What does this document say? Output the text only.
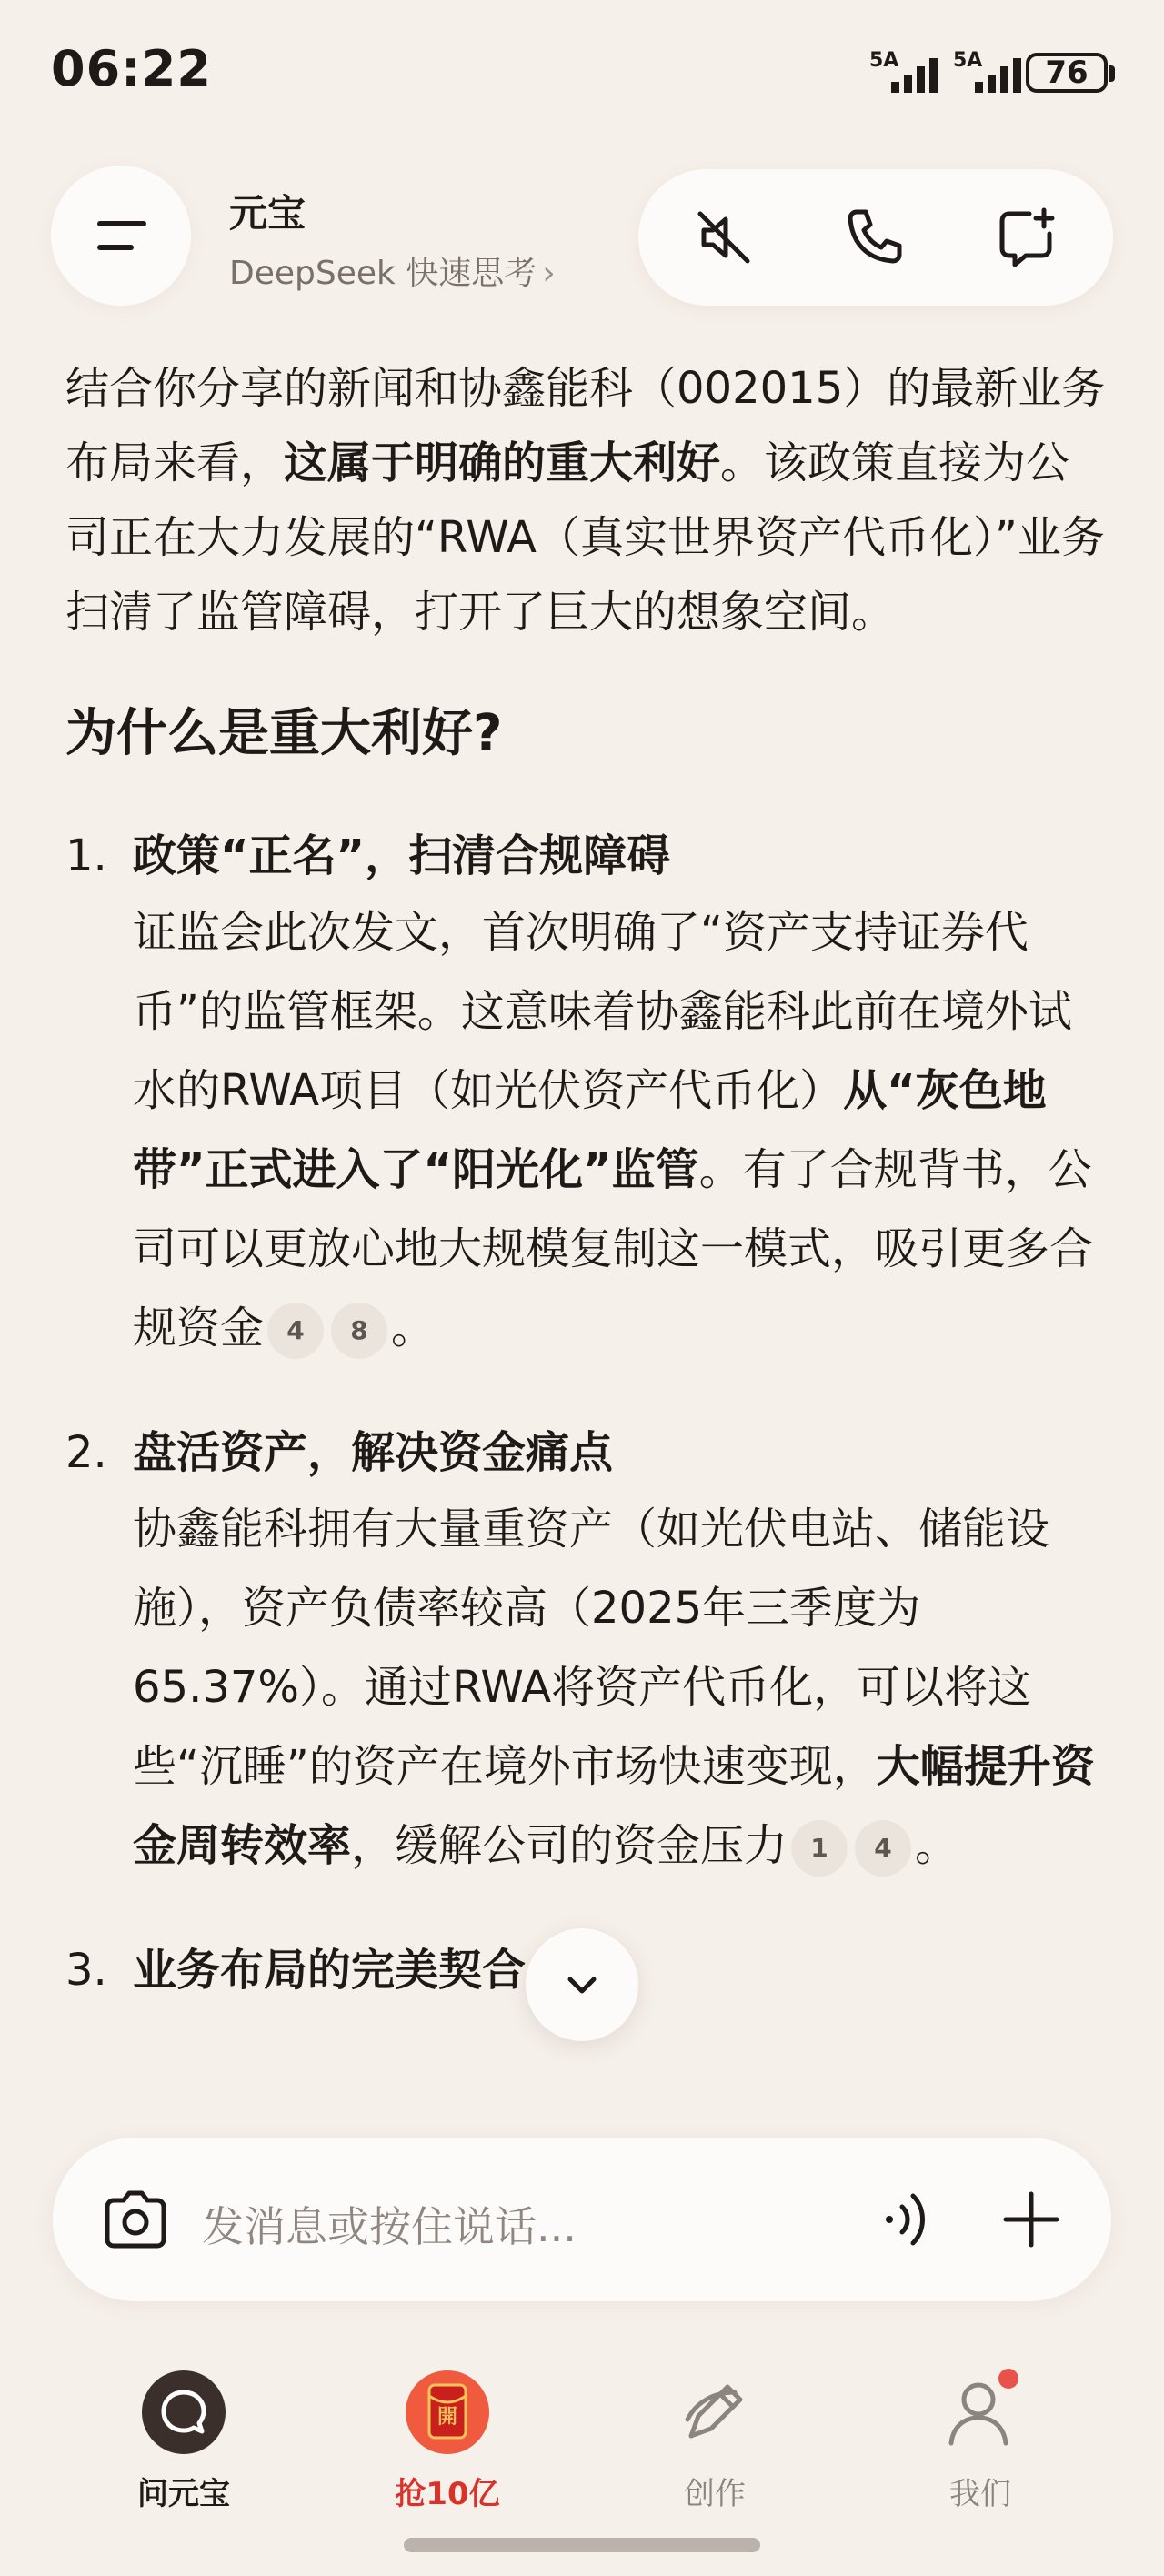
06:22	5A	5A	76
元宝
DeepSeek 快速思考 ›

结合你分享的新闻和协鑫能科（002015）的最新业务布局来看，这属于明确的重大利好。该政策直接为公司正在大力发展的“RWA（真实世界资产代币化）”业务扫清了监管障碍，打开了巨大的想象空间。

为什么是重大利好?
1. 政策“正名”，扫清合规障碍
证监会此次发文，首次明确了“资产支持证券代币”的监管框架。这意味着协鑫能科此前在境外试水的RWA项目（如光伏资产代币化）从“灰色地带”正式进入了“阳光化”监管。有了合规背书，公司可以更放心地大规模复制这一模式，吸引更多合规资金 4 8 。
2. 盘活资产，解决资金痛点
协鑫能科拥有大量重资产（如光伏电站、储能设施），资产负债率较高（2025年三季度为65.37%）。通过RWA将资产代币化，可以将这些“沉睡”的资产在境外市场快速变现，大幅提升资金周转效率，缓解公司的资金压力 1 4 。
3. 业务布局的完美契合
发消息或按住说话...
问元宝
開
抢10亿	创作	我们
